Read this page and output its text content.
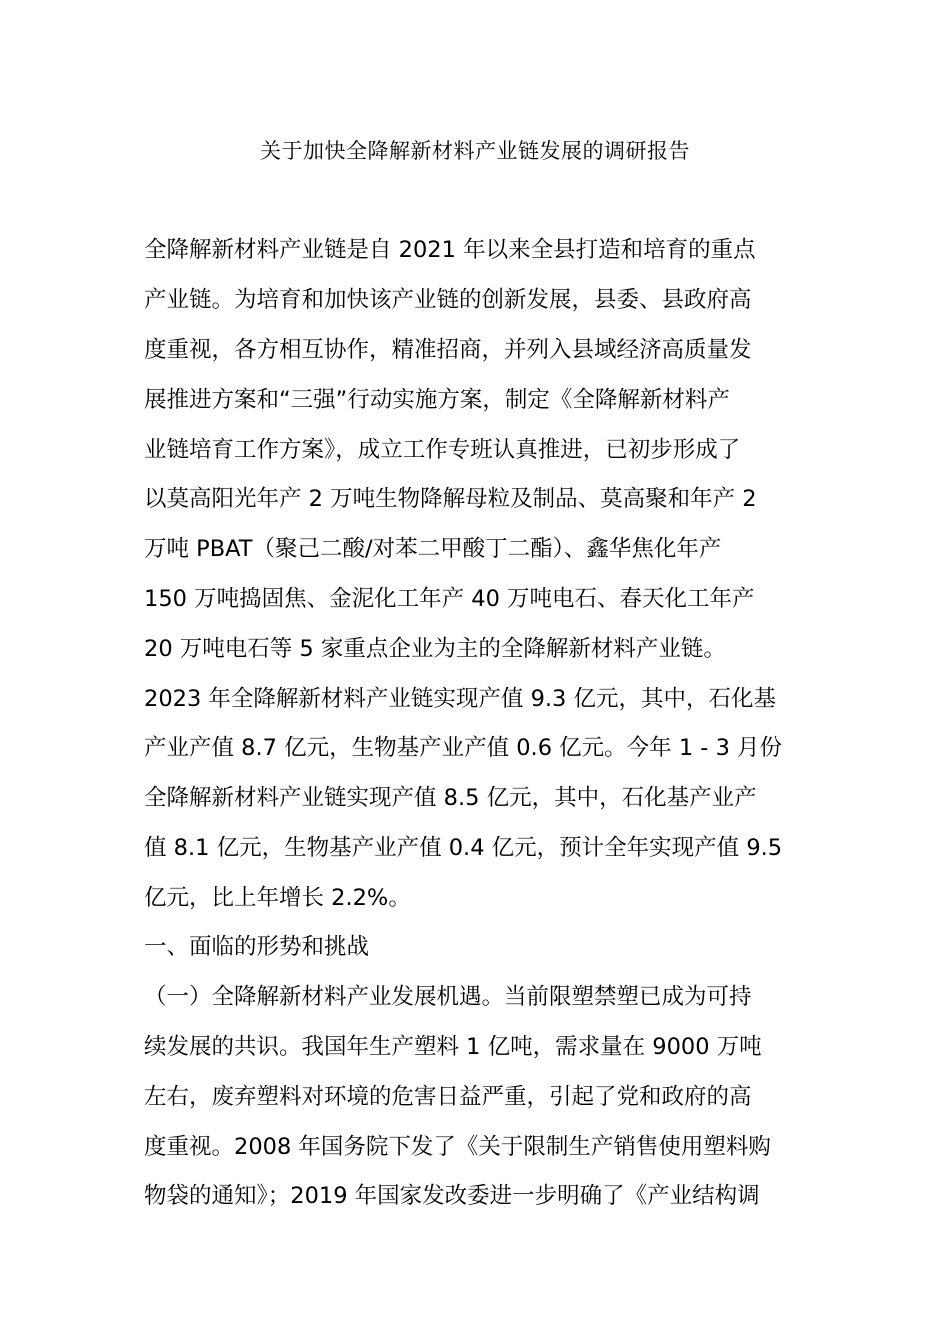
关于加快全降解新材料产业链发展的调研报告
全降解新材料产业链是自 2021 年以来全县打造和培育的重点
产业链。为培育和加快该产业链的创新发展，县委、县政府高
度重视，各方相互协作，精准招商，并列入县域经济高质量发
展推进方案和“三强”行动实施方案，制定《全降解新材料产
业链培育工作方案》，成立工作专班认真推进，已初步形成了
以莫高阳光年产 2 万吨生物降解母粒及制品、莫高聚和年产 2
万吨 PBAT（聚己二酸/对苯二甲酸丁二酯）、鑫华焦化年产
150 万吨捣固焦、金泥化工年产 40 万吨电石、春天化工年产
20 万吨电石等 5 家重点企业为主的全降解新材料产业链。
2023 年全降解新材料产业链实现产值 9.3 亿元，其中，石化基
产业产值 8.7 亿元，生物基产业产值 0.6 亿元。今年 1 - 3 月份
全降解新材料产业链实现产值 8.5 亿元，其中，石化基产业产
值 8.1 亿元，生物基产业产值 0.4 亿元，预计全年实现产值 9.5
亿元，比上年增长 2.2%。
一、面临的形势和挑战
（一）全降解新材料产业发展机遇。当前限塑禁塑已成为可持
续发展的共识。我国年生产塑料 1 亿吨，需求量在 9000 万吨
左右，废弃塑料对环境的危害日益严重，引起了党和政府的高
度重视。2008 年国务院下发了《关于限制生产销售使用塑料购
物袋的通知》；2019 年国家发改委进一步明确了《产业结构调
